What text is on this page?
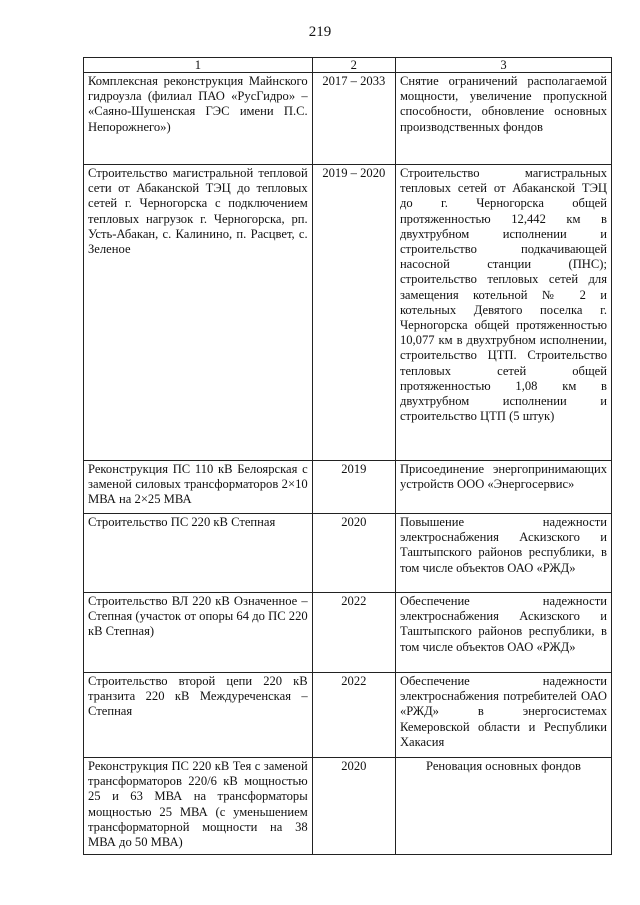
219
1	2	3
Комплексная реконструкция Майнского гидроузла (филиал ПАО «РусГидро» – «Саяно-Шушенская ГЭС имени П.С. Непорожнего»)	2017 – 2033	Снятие ограничений располагаемой мощности, увеличение пропускной способности, обновление основных производственных фондов
Строительство магистральной тепловой сети от Абаканской ТЭЦ до тепловых сетей г. Черногорска с подключением тепловых нагрузок г. Черногорска, рп. Усть-Абакан, с. Калинино, п. Расцвет, с. Зеленое	2019 – 2020	Строительство магистральных тепловых сетей от Абаканской ТЭЦ до г. Черногорска общей протяженностью 12,442 км в двухтрубном исполнении и строительство подкачивающей насосной станции (ПНС); строительство тепловых сетей для замещения котельной № 2 и котельных Девятого поселка г. Черногорска общей протяженностью 10,077 км в двухтрубном исполнении, строительство ЦТП. Строительство тепловых сетей общей протяженностью 1,08 км в двухтрубном исполнении и строительство ЦТП (5 штук)
Реконструкция ПС 110 кВ Белоярская с заменой силовых трансформаторов 2×10 МВА на 2×25 МВА	2019	Присоединение энергопринимающих устройств ООО «Энергосервис»
Строительство ПС 220 кВ Степная	2020	Повышение надежности электроснабжения Аскизского и Таштыпского районов республики, в том числе объектов ОАО «РЖД»
Строительство ВЛ 220 кВ Означенное – Степная (участок от опоры 64 до ПС 220 кВ Степная)	2022	Обеспечение надежности электроснабжения Аскизского и Таштыпского районов республики, в том числе объектов ОАО «РЖД»
Строительство второй цепи 220 кВ транзита 220 кВ Междуреченская – Степная	2022	Обеспечение надежности электроснабжения потребителей ОАО «РЖД» в энергосистемах Кемеровской области и Республики Хакасия
Реконструкция ПС 220 кВ Тея с заменой трансформаторов 220/6 кВ мощностью 25 и 63 МВА на трансформаторы мощностью 25 МВА (с уменьшением трансформаторной мощности на 38 МВА до 50 МВА)	2020	Реновация основных фондов
